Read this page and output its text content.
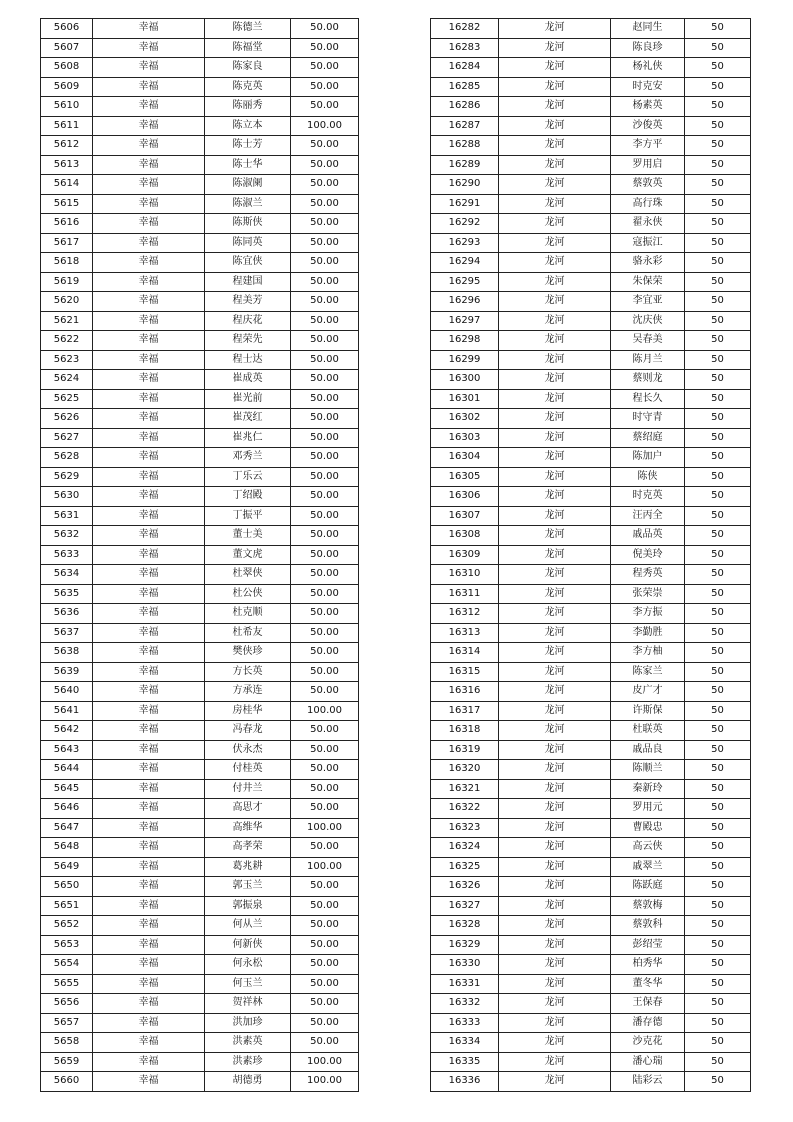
5606	幸福	陈德兰	50.00
5607	幸福	陈福堂	50.00
5608	幸福	陈家良	50.00
5609	幸福	陈克英	50.00
5610	幸福	陈丽秀	50.00
5611	幸福	陈立本	100.00
5612	幸福	陈士芳	50.00
5613	幸福	陈士华	50.00
5614	幸福	陈淑阑	50.00
5615	幸福	陈淑兰	50.00
5616	幸福	陈斯侠	50.00
5617	幸福	陈同英	50.00
5618	幸福	陈宜侠	50.00
5619	幸福	程建国	50.00
5620	幸福	程美芳	50.00
5621	幸福	程庆花	50.00
5622	幸福	程荣先	50.00
5623	幸福	程士达	50.00
5624	幸福	崔成英	50.00
5625	幸福	崔光前	50.00
5626	幸福	崔茂红	50.00
5627	幸福	崔兆仁	50.00
5628	幸福	邓秀兰	50.00
5629	幸福	丁乐云	50.00
5630	幸福	丁绍殿	50.00
5631	幸福	丁振平	50.00
5632	幸福	董士美	50.00
5633	幸福	董文虎	50.00
5634	幸福	杜翠侠	50.00
5635	幸福	杜公侠	50.00
5636	幸福	杜克顺	50.00
5637	幸福	杜希友	50.00
5638	幸福	樊侠珍	50.00
5639	幸福	方长英	50.00
5640	幸福	方承连	50.00
5641	幸福	房桂华	100.00
5642	幸福	冯春龙	50.00
5643	幸福	伏永杰	50.00
5644	幸福	付桂英	50.00
5645	幸福	付井兰	50.00
5646	幸福	高思才	50.00
5647	幸福	高维华	100.00
5648	幸福	高孝荣	50.00
5649	幸福	葛兆耕	100.00
5650	幸福	郭玉兰	50.00
5651	幸福	郭振泉	50.00
5652	幸福	何从兰	50.00
5653	幸福	何新侠	50.00
5654	幸福	何永松	50.00
5655	幸福	何玉兰	50.00
5656	幸福	贺祥林	50.00
5657	幸福	洪加珍	50.00
5658	幸福	洪素英	50.00
5659	幸福	洪素珍	100.00
5660	幸福	胡德勇	100.00
16282	龙河	赵同生	50
16283	龙河	陈良珍	50
16284	龙河	杨礼侠	50
16285	龙河	时克安	50
16286	龙河	杨素英	50
16287	龙河	沙俊英	50
16288	龙河	李方平	50
16289	龙河	罗用启	50
16290	龙河	蔡敦英	50
16291	龙河	高行珠	50
16292	龙河	翟永侠	50
16293	龙河	寇振江	50
16294	龙河	骆永彩	50
16295	龙河	朱保荣	50
16296	龙河	李宜亚	50
16297	龙河	沈庆侠	50
16298	龙河	吴春美	50
16299	龙河	陈月兰	50
16300	龙河	蔡则龙	50
16301	龙河	程长久	50
16302	龙河	时守青	50
16303	龙河	蔡绍庭	50
16304	龙河	陈加户	50
16305	龙河	陈侠	50
16306	龙河	时克英	50
16307	龙河	汪丙全	50
16308	龙河	戚品英	50
16309	龙河	倪美玲	50
16310	龙河	程秀英	50
16311	龙河	张荣崇	50
16312	龙河	李方振	50
16313	龙河	李勤胜	50
16314	龙河	李方柚	50
16315	龙河	陈家兰	50
16316	龙河	皮广才	50
16317	龙河	许斯保	50
16318	龙河	杜联英	50
16319	龙河	戚品良	50
16320	龙河	陈顺兰	50
16321	龙河	秦新玲	50
16322	龙河	罗用元	50
16323	龙河	曹殿忠	50
16324	龙河	高云侠	50
16325	龙河	戚翠兰	50
16326	龙河	陈跃庭	50
16327	龙河	蔡敦梅	50
16328	龙河	蔡敦科	50
16329	龙河	彭绍莹	50
16330	龙河	柏秀华	50
16331	龙河	董冬华	50
16332	龙河	王保春	50
16333	龙河	潘存德	50
16334	龙河	沙克花	50
16335	龙河	潘心瑞	50
16336	龙河	陆彩云	50
